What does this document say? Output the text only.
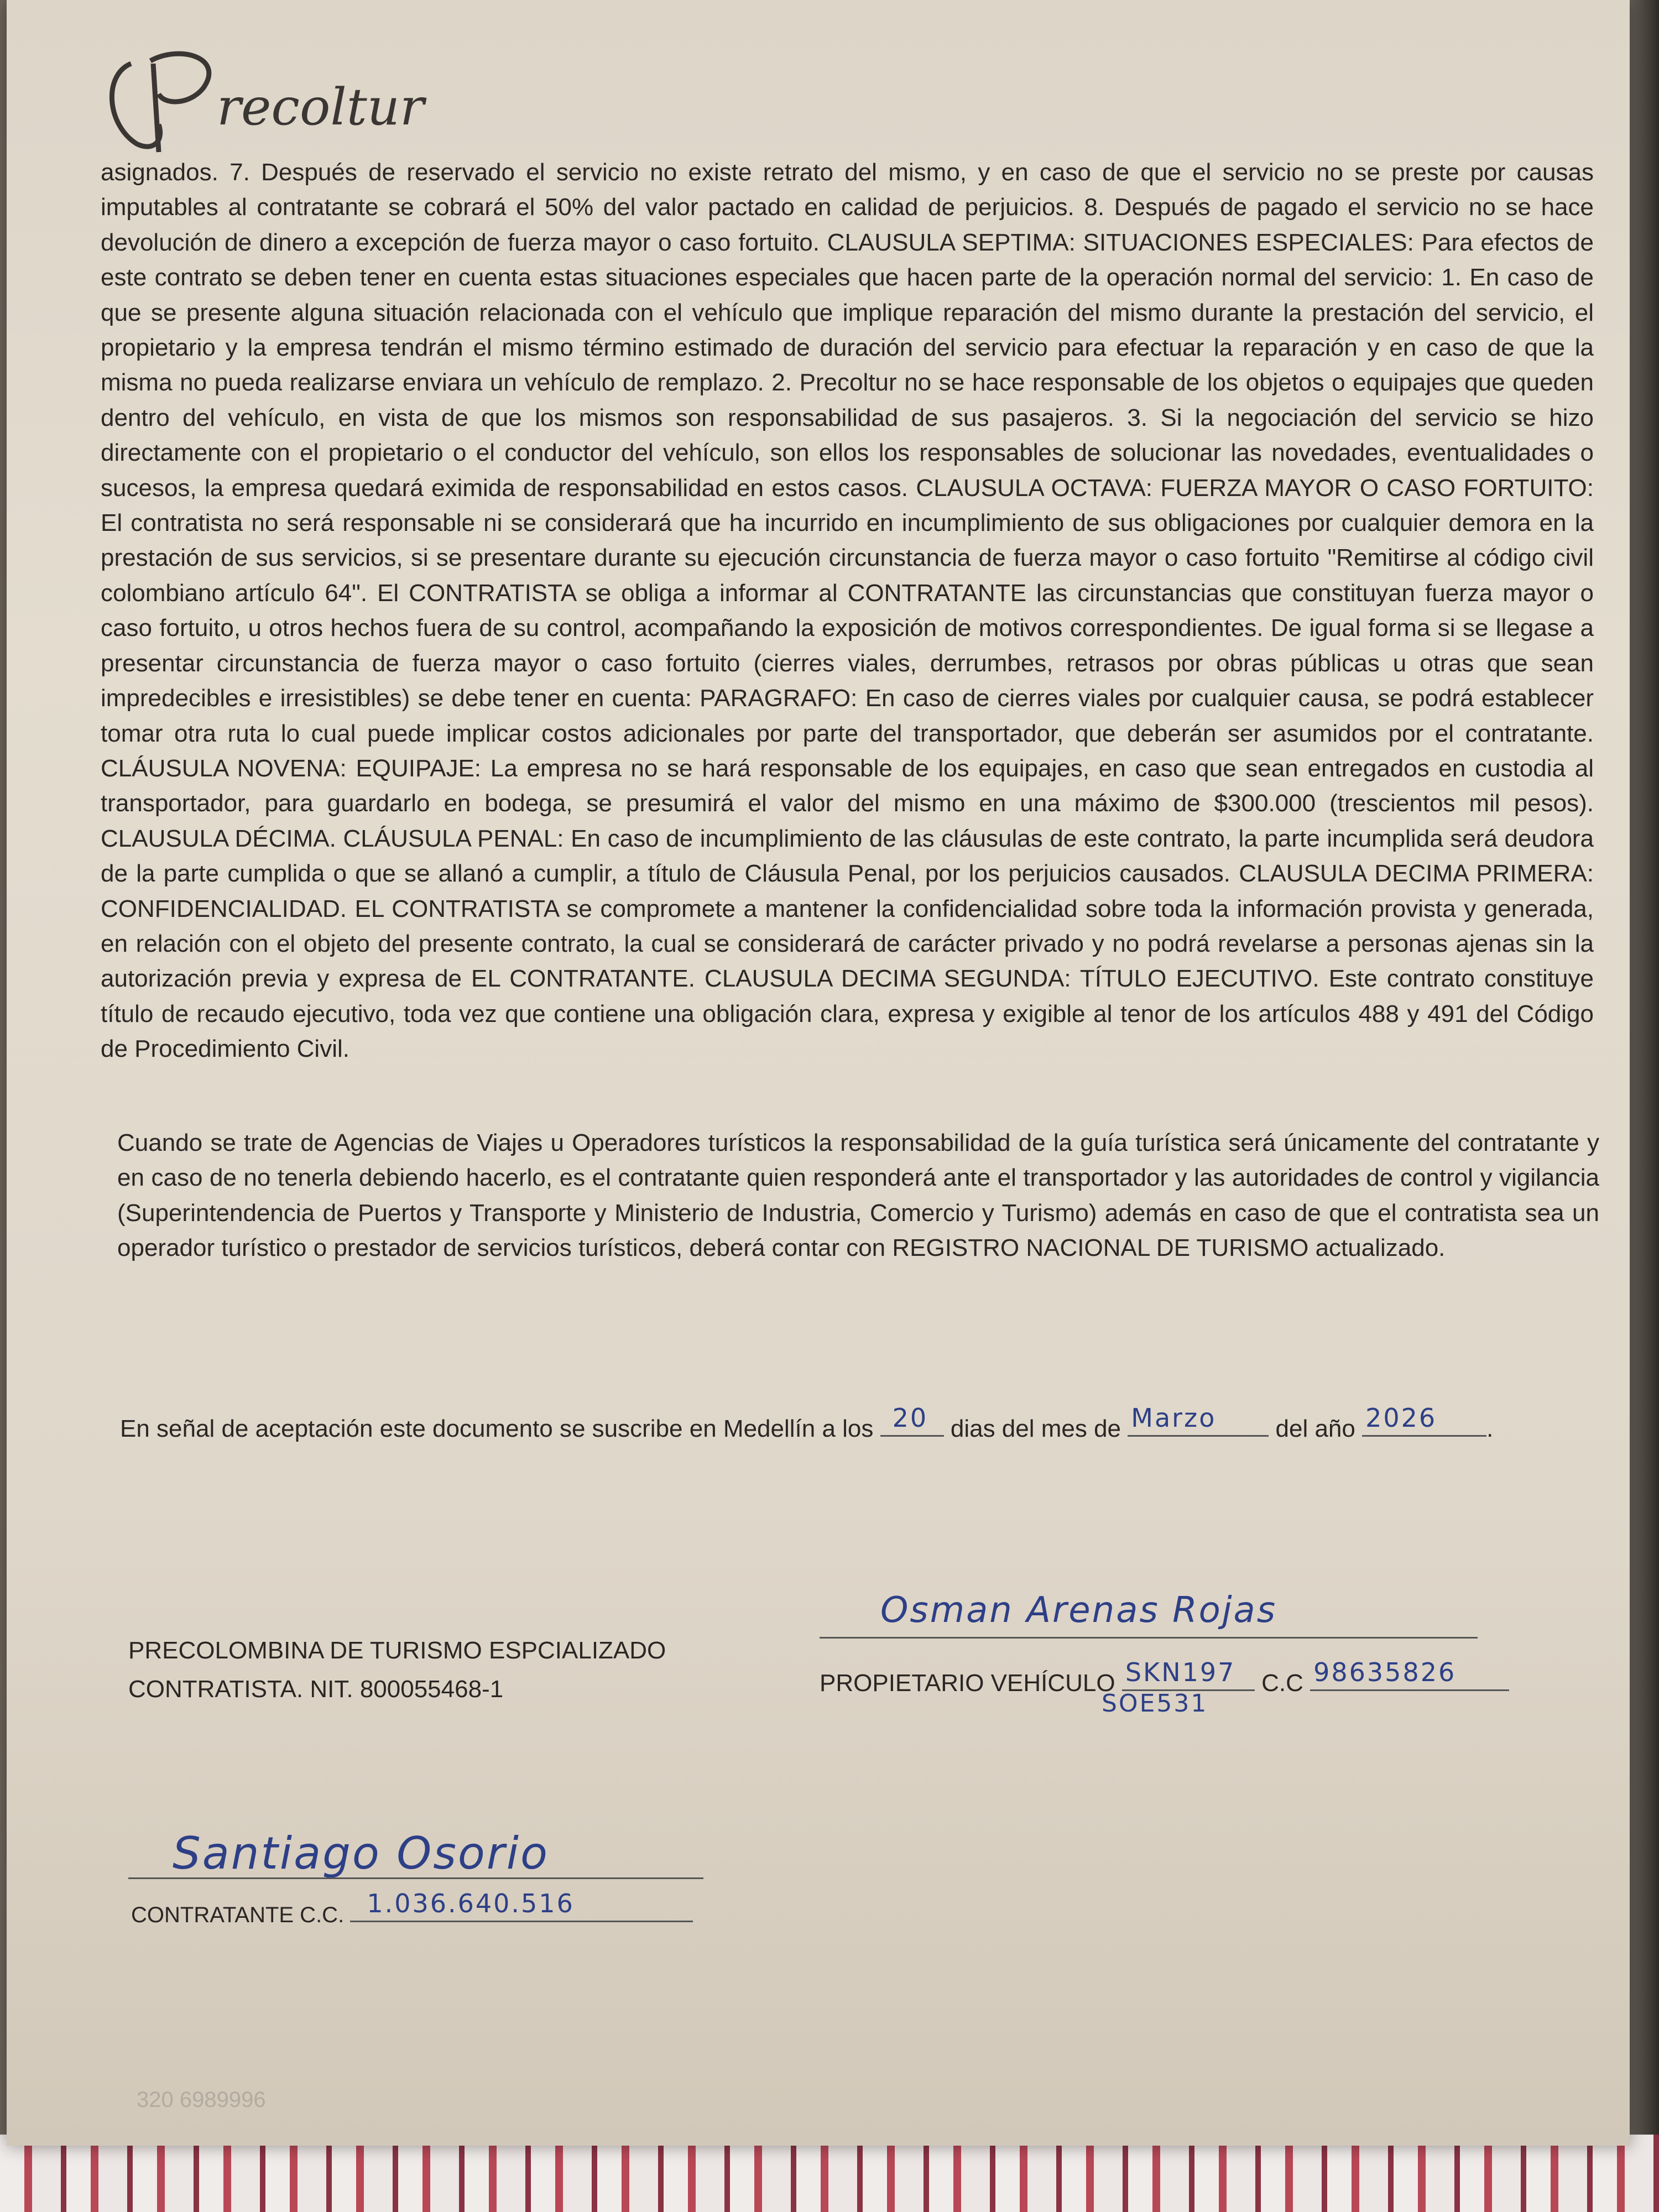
recoltur

asignados. 7. Después de reservado el servicio no existe retrato del mismo, y en caso de que el servicio no se preste por causas imputables al contratante se cobrará el 50% del valor pactado en calidad de perjuicios. 8. Después de pagado el servicio no se hace devolución de dinero a excepción de fuerza mayor o caso fortuito. CLAUSULA SEPTIMA: SITUACIONES ESPECIALES: Para efectos de este contrato se deben tener en cuenta estas situaciones especiales que hacen parte de la operación normal del servicio: 1. En caso de que se presente alguna situación relacionada con el vehículo que implique reparación del mismo durante la prestación del servicio, el propietario y la empresa tendrán el mismo término estimado de duración del servicio para efectuar la reparación y en caso de que la misma no pueda realizarse enviara un vehículo de remplazo. 2. Precoltur no se hace responsable de los objetos o equipajes que queden dentro del vehículo, en vista de que los mismos son responsabilidad de sus pasajeros. 3. Si la negociación del servicio se hizo directamente con el propietario o el conductor del vehículo, son ellos los responsables de solucionar las novedades, eventualidades o sucesos, la empresa quedará eximida de responsabilidad en estos casos. CLAUSULA OCTAVA: FUERZA MAYOR O CASO FORTUITO: El contratista no será responsable ni se considerará que ha incurrido en incumplimiento de sus obligaciones por cualquier demora en la prestación de sus servicios, si se presentare durante su ejecución circunstancia de fuerza mayor o caso fortuito "Remitirse al código civil colombiano artículo 64". El CONTRATISTA se obliga a informar al CONTRATANTE las circunstancias que constituyan fuerza mayor o caso fortuito, u otros hechos fuera de su control, acompañando la exposición de motivos correspondientes. De igual forma si se llegase a presentar circunstancia de fuerza mayor o caso fortuito (cierres viales, derrumbes, retrasos por obras públicas u otras que sean impredecibles e irresistibles) se debe tener en cuenta: PARAGRAFO: En caso de cierres viales por cualquier causa, se podrá establecer tomar otra ruta lo cual puede implicar costos adicionales por parte del transportador, que deberán ser asumidos por el contratante. CLÁUSULA NOVENA: EQUIPAJE: La empresa no se hará responsable de los equipajes, en caso que sean entregados en custodia al transportador, para guardarlo en bodega, se presumirá el valor del mismo en una máximo de $300.000 (trescientos mil pesos). CLAUSULA DÉCIMA. CLÁUSULA PENAL: En caso de incumplimiento de las cláusulas de este contrato, la parte incumplida será deudora de la parte cumplida o que se allanó a cumplir, a título de Cláusula Penal, por los perjuicios causados. CLAUSULA DECIMA PRIMERA: CONFIDENCIALIDAD. EL CONTRATISTA se compromete a mantener la confidencialidad sobre toda la información provista y generada, en relación con el objeto del presente contrato, la cual se considerará de carácter privado y no podrá revelarse a personas ajenas sin la autorización previa y expresa de EL CONTRATANTE. CLAUSULA DECIMA SEGUNDA: TÍTULO EJECUTIVO. Este contrato constituye título de recaudo ejecutivo, toda vez que contiene una obligación clara, expresa y exigible al tenor de los artículos 488 y 491 del Código de Procedimiento Civil.

Cuando se trate de Agencias de Viajes u Operadores turísticos la responsabilidad de la guía turística será únicamente del contratante y en caso de no tenerla debiendo hacerlo, es el contratante quien responderá ante el transportador y las autoridades de control y vigilancia (Superintendencia de Puertos y Transporte y Ministerio de Industria, Comercio y Turismo) además en caso de que el contratista sea un operador turístico o prestador de servicios turísticos, deberá contar con REGISTRO NACIONAL DE TURISMO actualizado.

En señal de aceptación este documento se suscribe en Medellín a los 20 dias del mes de Marzo del año 2026 .
PRECOLOMBINA DE TURISMO ESPCIALIZADO
CONTRATISTA. NIT. 800055468-1
Osman Arenas Rojas
PROPIETARIO VEHÍCULO SKN197 C.C 98635826
SOE531
Santiago Osorio
CONTRATANTE C.C. 1.036.640.516
320 6989996
